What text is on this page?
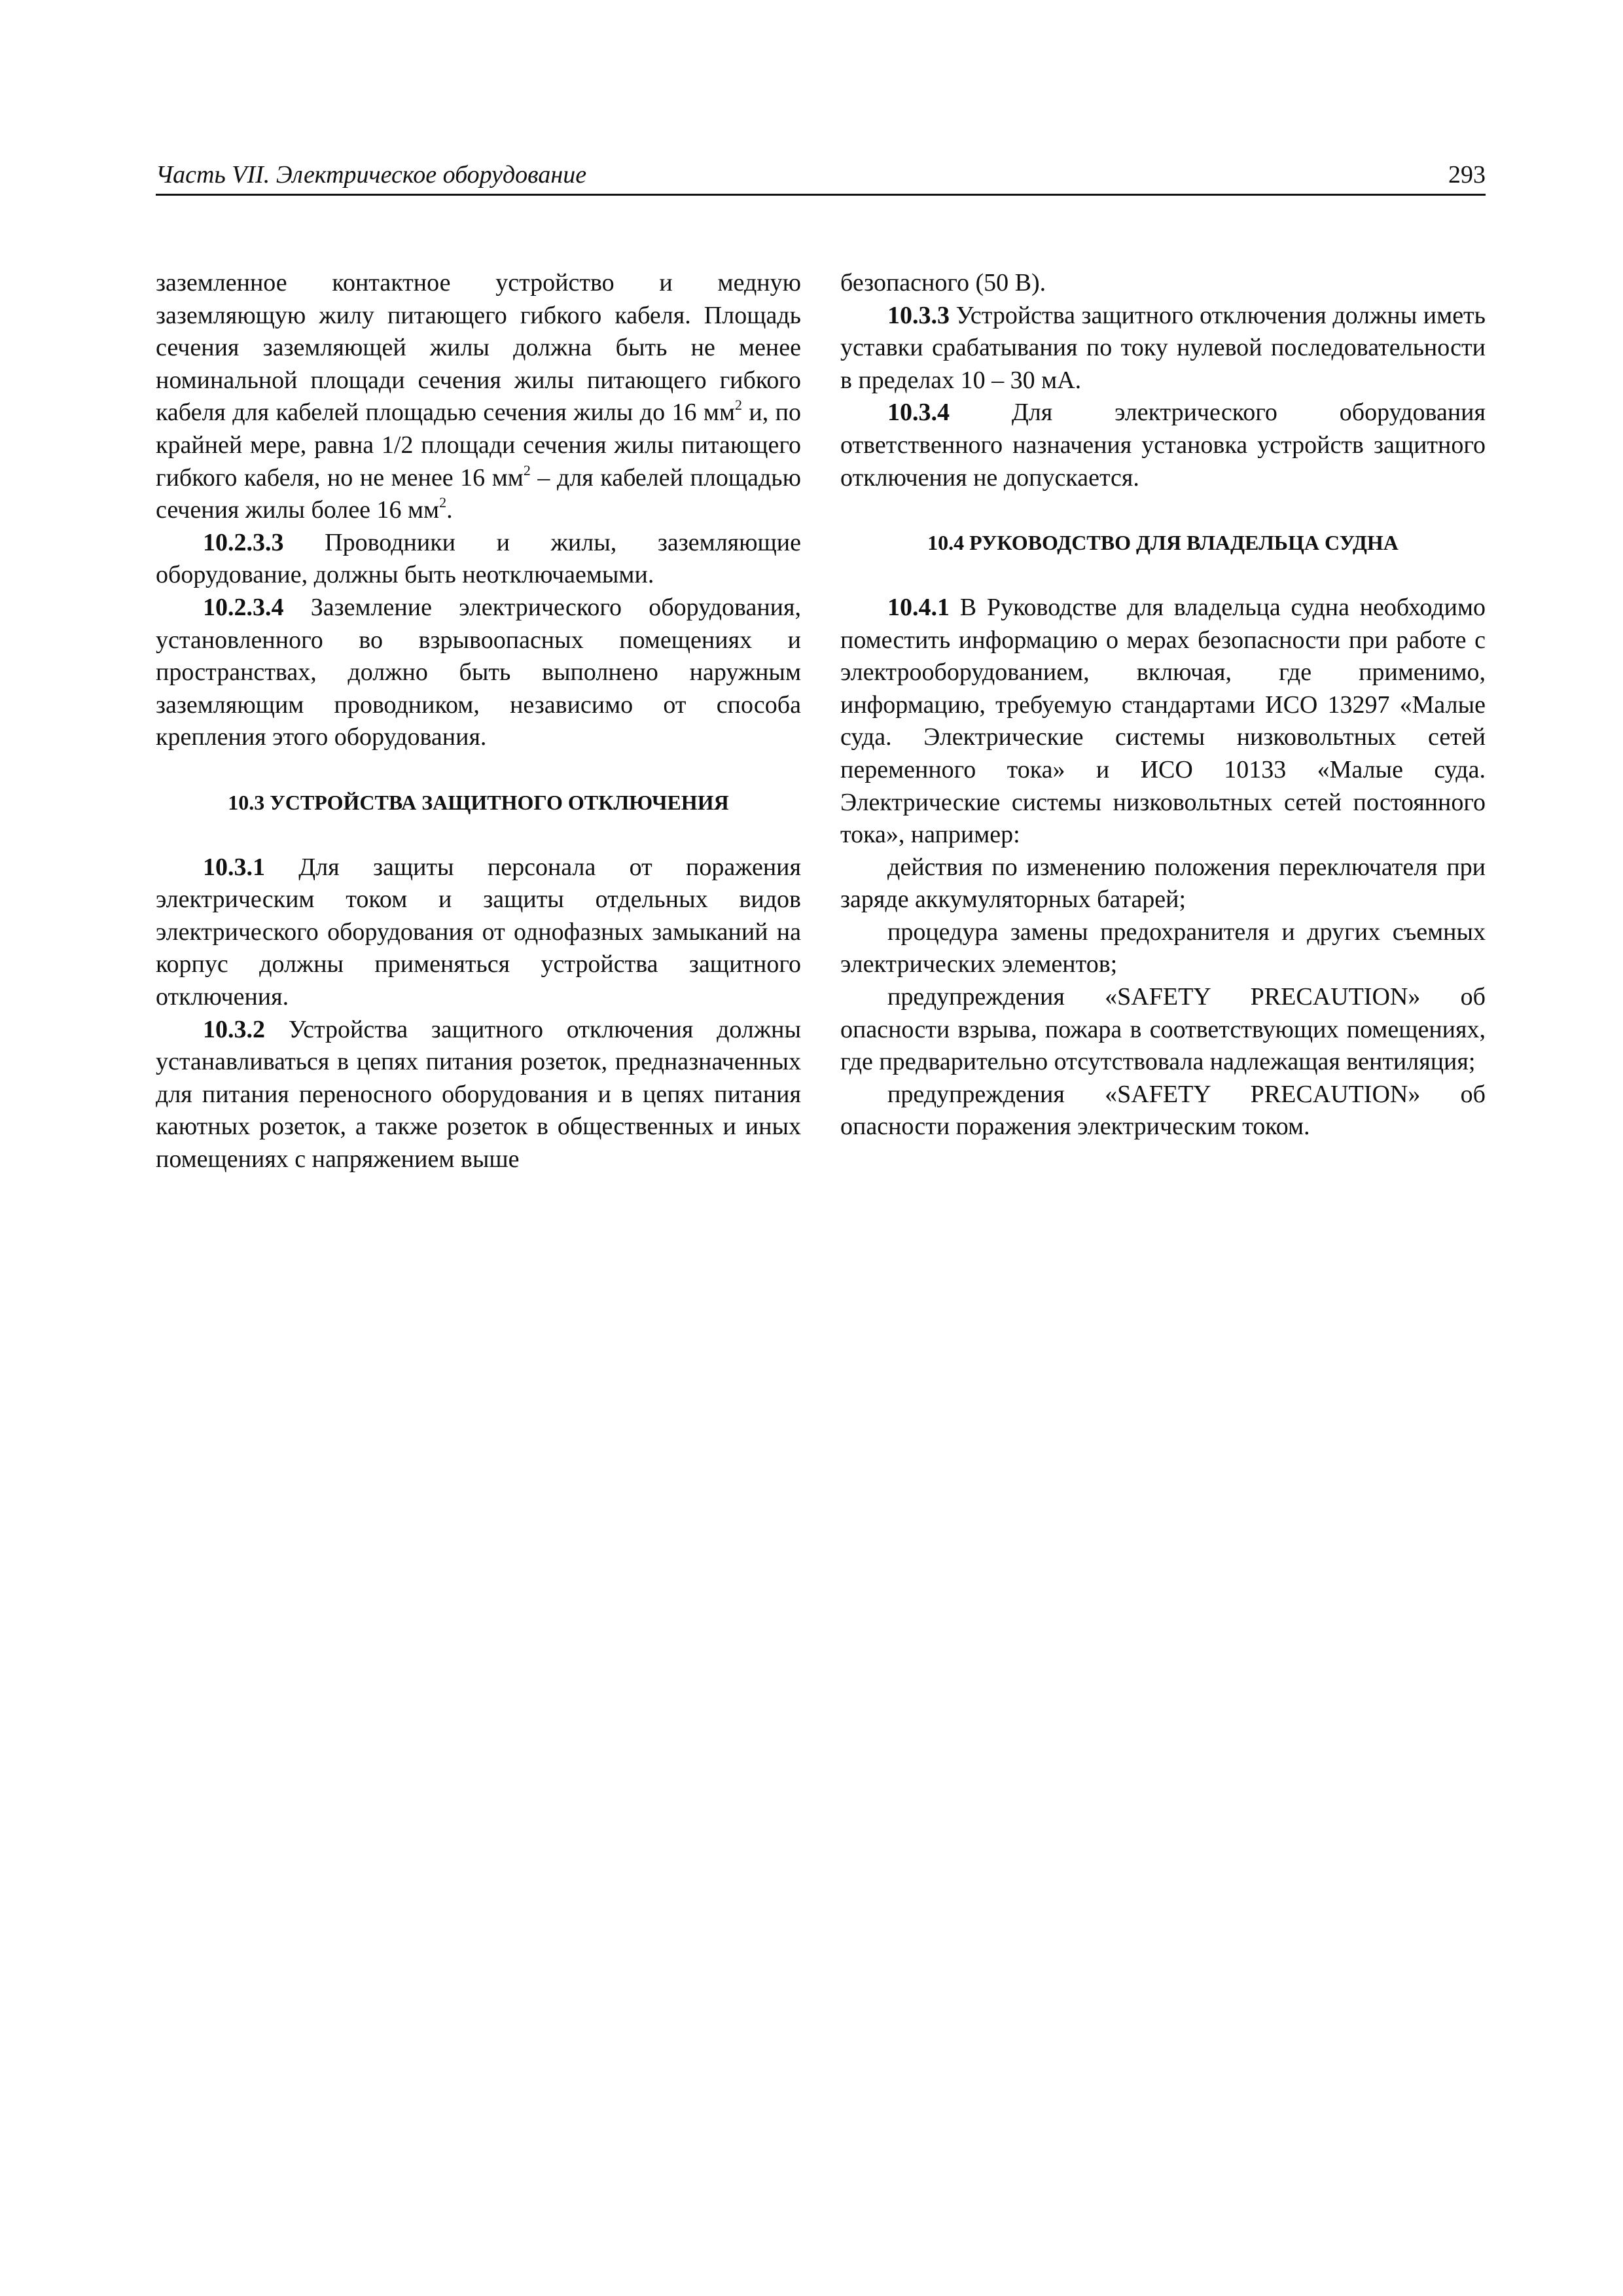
Часть VII. Электрическое оборудование	293

заземленное контактное устройство и медную заземляющую жилу питающего гибкого кабеля. Площадь сечения заземляющей жилы должна быть не менее номинальной площади сечения жилы питающего гибкого кабеля для кабелей площадью сечения жилы до 16 $мм^2$ и, по крайней мере, равна 1/2 площади сечения жилы питающего гибкого кабеля, но не менее 16 $мм^2$ – для кабелей площадью сечения жилы более 16 $мм^2$.

10.2.3.3 Проводники и жилы, заземляющие оборудование, должны быть неотключаемыми.

10.2.3.4 Заземление электрического оборудования, установленного во взрывоопасных помещениях и пространствах, должно быть выполнено наружным заземляющим проводником, независимо от способа крепления этого оборудования.

10.3 УСТРОЙСТВА ЗАЩИТНОГО ОТКЛЮЧЕНИЯ

10.3.1 Для защиты персонала от поражения электрическим током и защиты отдельных видов электрического оборудования от однофазных замыканий на корпус должны применяться устройства защитного отключения.

10.3.2 Устройства защитного отключения должны устанавливаться в цепях питания розеток, предназначенных для питания переносного оборудования и в цепях питания каютных розеток, а также розеток в общественных и иных помещениях с напряжением выше

безопасного (50 В).

10.3.3 Устройства защитного отключения должны иметь уставки срабатывания по току нулевой последовательности в пределах 10 – 30 мА.

10.3.4 Для электрического оборудования ответственного назначения установка устройств защитного отключения не допускается.

10.4 РУКОВОДСТВО ДЛЯ ВЛАДЕЛЬЦА СУДНА

10.4.1 В Руководстве для владельца судна необходимо поместить информацию о мерах безопасности при работе с электрооборудованием, включая, где применимо, информацию, требуемую стандартами ИСО 13297 «Малые суда. Электрические системы низковольтных сетей переменного тока» и ИСО 10133 «Малые суда. Электрические системы низковольтных сетей постоянного тока», например:

действия по изменению положения переключателя при заряде аккумуляторных батарей;

процедура замены предохранителя и других съемных электрических элементов;

предупреждения «SAFETY PRECAUTION» об опасности взрыва, пожара в соответствующих помещениях, где предварительно отсутствовала надлежащая вентиляция;

предупреждения «SAFETY PRECAUTION» об опасности поражения электрическим током.
